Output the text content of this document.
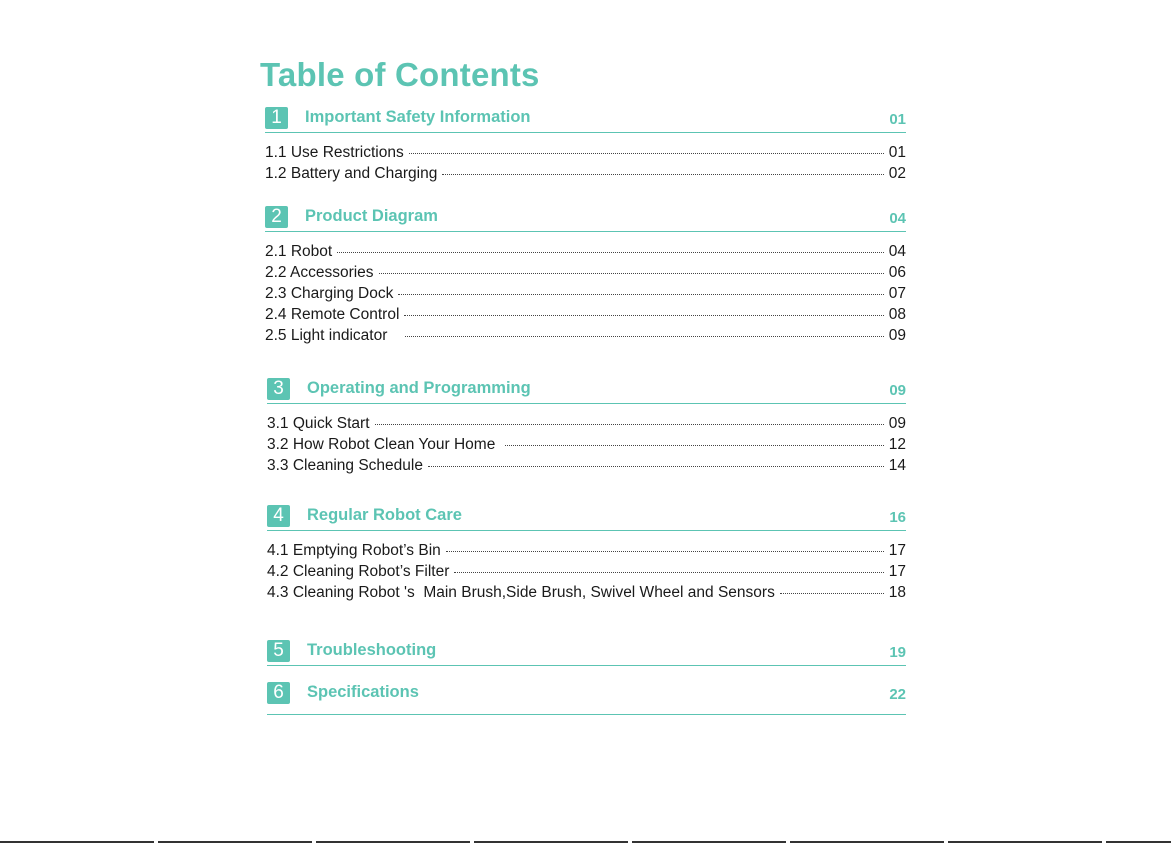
Table of Contents
1	Important Safety Information	01
1.1 Use Restrictions	01
1.2 Battery and Charging	02
2	Product Diagram	04
2.1 Robot	04
2.2 Accessories	06
2.3 Charging Dock	07
2.4 Remote Control	08
2.5 Light indicator	09
3	Operating and Programming	09
3.1 Quick Start	09
3.2 How Robot Clean Your Home	12
3.3 Cleaning Schedule	14
4	Regular Robot Care	16
4.1 Emptying Robot’s Bin	17
4.2 Cleaning Robot’s Filter	17
4.3 Cleaning Robot 's  Main Brush,Side Brush, Swivel Wheel and Sensors	18
5	Troubleshooting	19
6	Specifications	22
